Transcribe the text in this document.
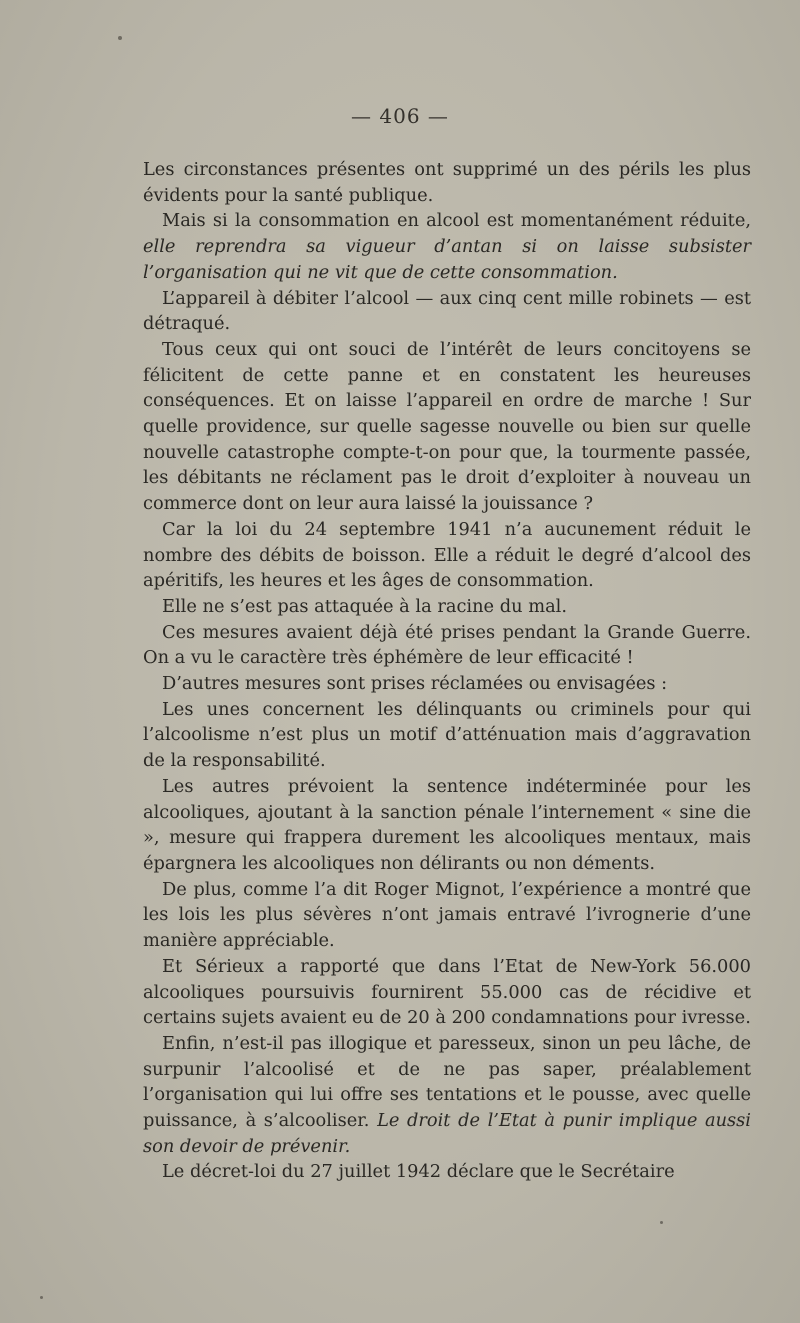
— 406 —

Les circonstances présentes ont supprimé un des périls les plus évidents pour la santé publique.

Mais si la consommation en alcool est momentanément réduite, elle reprendra sa vigueur d’antan si on laisse subsister l’organisation qui ne vit que de cette consommation.

L’appareil à débiter l’alcool — aux cinq cent mille robinets — est détraqué.

Tous ceux qui ont souci de l’intérêt de leurs concitoyens se félicitent de cette panne et en constatent les heureuses conséquences. Et on laisse l’appareil en ordre de marche ! Sur quelle providence, sur quelle sagesse nouvelle ou bien sur quelle nouvelle catastrophe compte-t-on pour que, la tourmente passée, les débitants ne réclament pas le droit d’exploiter à nouveau un commerce dont on leur aura laissé la jouissance ?

Car la loi du 24 septembre 1941 n’a aucunement réduit le nombre des débits de boisson. Elle a réduit le degré d’alcool des apéritifs, les heures et les âges de consommation.

Elle ne s’est pas attaquée à la racine du mal.

Ces mesures avaient déjà été prises pendant la Grande Guerre. On a vu le caractère très éphémère de leur efficacité !

D’autres mesures sont prises réclamées ou envisagées :

Les unes concernent les délinquants ou criminels pour qui l’alcoolisme n’est plus un motif d’atténuation mais d’aggravation de la responsabilité.

Les autres prévoient la sentence indéterminée pour les alcooliques, ajoutant à la sanction pénale l’internement « sine die », mesure qui frappera durement les alcooliques mentaux, mais épargnera les alcooliques non délirants ou non déments.

De plus, comme l’a dit Roger Mignot, l’expérience a montré que les lois les plus sévères n’ont jamais entravé l’ivrognerie d’une manière appréciable.

Et Sérieux a rapporté que dans l’Etat de New-York 56.000 alcooliques poursuivis fournirent 55.000 cas de récidive et certains sujets avaient eu de 20 à 200 condamnations pour ivresse.

Enfin, n’est-il pas illogique et paresseux, sinon un peu lâche, de surpunir l’alcoolisé et de ne pas saper, préalablement l’organisation qui lui offre ses tentations et le pousse, avec quelle puissance, à s’alcooliser. Le droit de l’Etat à punir implique aussi son devoir de prévenir.

Le décret-loi du 27 juillet 1942 déclare que le Secrétaire
